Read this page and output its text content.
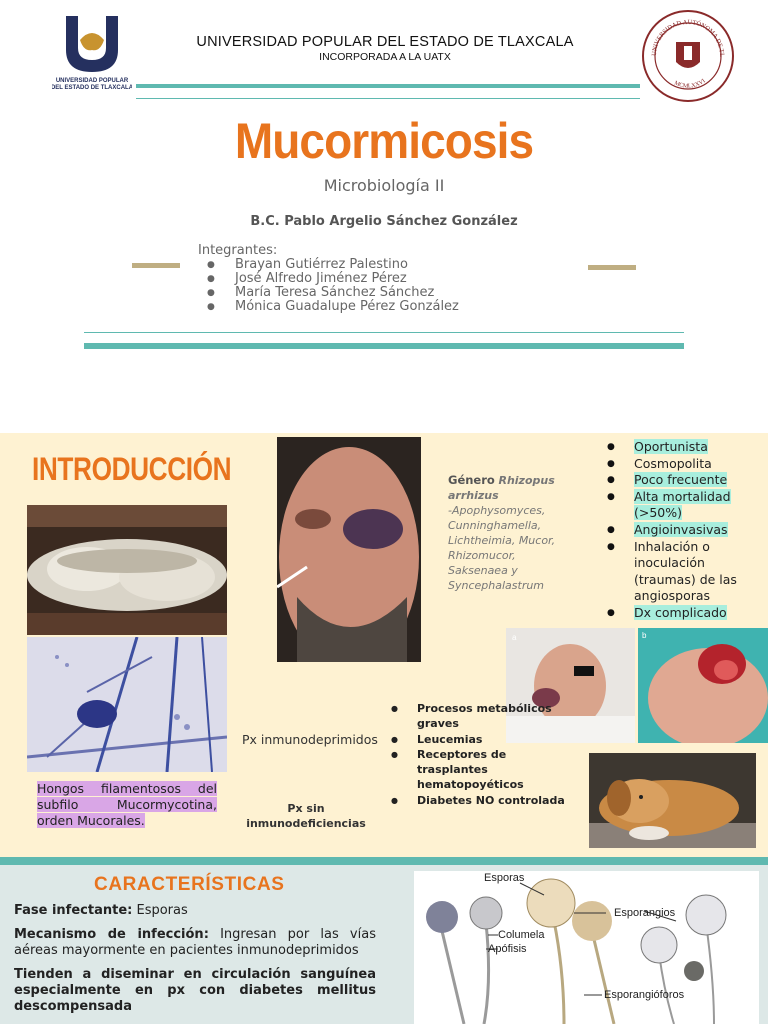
UNIVERSIDAD POPULAR
DEL ESTADO DE TLAXCALA
UNIVERSIDAD POPULAR DEL ESTADO DE TLAXCALA
INCORPORADA A LA UATX	UNIVERSIDAD AUTÓNOMA DE TL
MCMLXXVI
Mucormicosis
Microbiología II
B.C. Pablo Argelio Sánchez González
Integrantes:
● Brayan Gutiérrez Palestino
● José Alfredo Jiménez Pérez
● María Teresa Sánchez Sánchez
● Mónica Guadalupe Pérez González
INTRODUCCIÓN
Hongos filamentosos del subfilo Mucormycotina, orden Mucorales.
Género Rhizopus arrhizus
-Apophysomyces, Cunninghamella, Lichtheimia, Mucor, Rhizomucor, Saksenaea y Syncephalastrum
● Oportunista
● Cosmopolita
● Poco frecuente
● Alta mortalidad (>50%)
● Angioinvasivas
● Inhalación o inoculación (traumas) de las angiosporas
● Dx complicado
a	b
Px inmunodeprimidos
Px sin inmunodeficiencias
● Procesos metabólicos graves
● Leucemias
● Receptores de trasplantes hematopoyéticos
● Diabetes NO controlada
CARACTERÍSTICAS

Fase infectante: Esporas

Mecanismo de infección: Ingresan por las vías aéreas mayormente en pacientes inmunodeprimidos

Tienden a diseminar en circulación sanguínea especialmente en px con diabetes mellitus descompensada

Esporas
Esporangios
Columela
Apófisis
Esporangióforos
